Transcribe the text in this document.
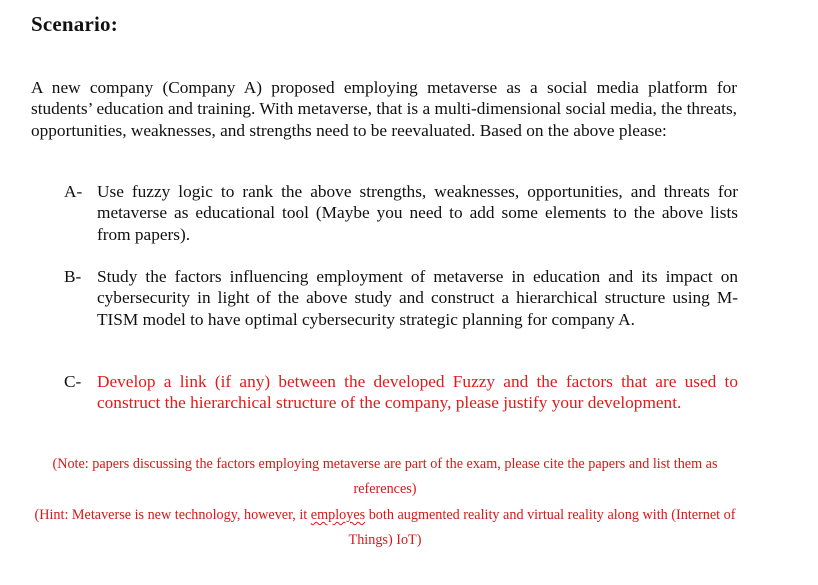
Scenario:
A new company (Company A) proposed employing metaverse as a social media platform for students’ education and training. With metaverse, that is a multi-dimensional social media, the threats, opportunities, weaknesses, and strengths need to be reevaluated. Based on the above please:
A- Use fuzzy logic to rank the above strengths, weaknesses, opportunities, and threats for metaverse as educational tool (Maybe you need to add some elements to the above lists from papers).
B- Study the factors influencing employment of metaverse in education and its impact on cybersecurity in light of the above study and construct a hierarchical structure using M-TISM model to have optimal cybersecurity strategic planning for company A.
C- Develop a link (if any) between the developed Fuzzy and the factors that are used to construct the hierarchical structure of the company, please justify your development.
(Note: papers discussing the factors employing metaverse are part of the exam, please cite the papers and list them as references)
(Hint: Metaverse is new technology, however, it employes both augmented reality and virtual reality along with (Internet of Things) IoT)
